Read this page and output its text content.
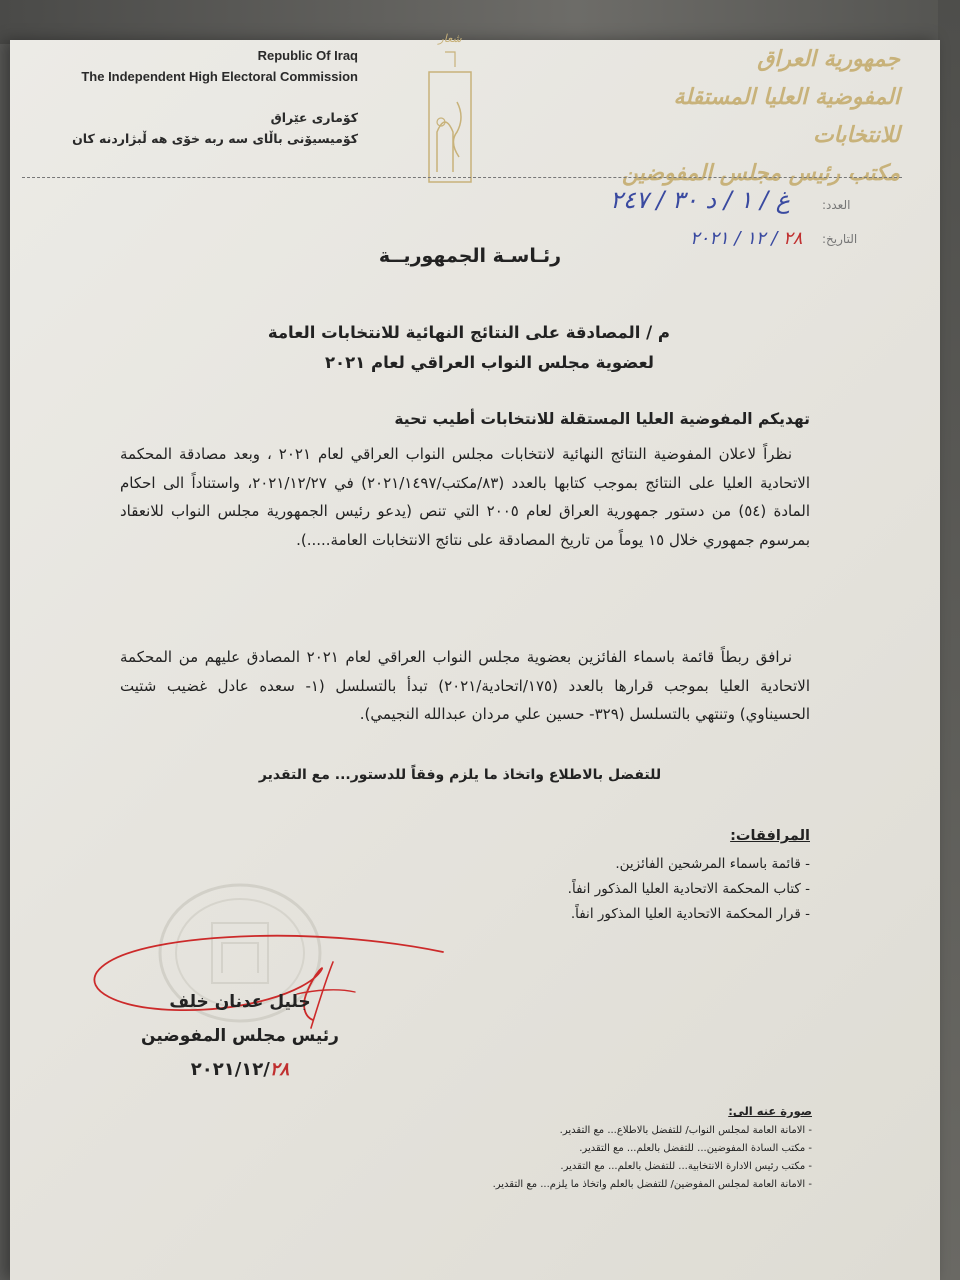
Republic Of Iraq
The Independent High Electoral Commission
كۆماری عێراق
كۆمیسیۆنی باڵای سه ربه خۆی هه ڵبژاردنه كان
شعار
جمهورية العراق
المفوضية العليا المستقلة للانتخابات
مكتب رئيس مجلس المفوضين
العدد:
التاريخ:
غ / ١ / د ٣٠ / ٢٤٧
٢٨ / ١٢ / ٢٠٢١
رئـاسـة الجمهوريــة
م / المصادقة على النتائج النهائية للانتخابات العامة
لعضوية مجلس النواب العراقي لعام ٢٠٢١
تهديكم المفوضية العليا المستقلة للانتخابات أطيب تحية
نظراً لاعلان المفوضية النتائج النهائية لانتخابات مجلس النواب العراقي لعام ٢٠٢١ ، وبعد مصادقة المحكمة الاتحادية العليا على النتائج بموجب كتابها بالعدد (٨٣/مكتب/٢٠٢١/١٤٩٧) في ٢٠٢١/١٢/٢٧، واستناداً الى احكام المادة (٥٤) من دستور جمهورية العراق لعام ٢٠٠٥ التي تنص (يدعو رئيس الجمهورية مجلس النواب للانعقاد بمرسوم جمهوري خلال ١٥ يوماً من تاريخ المصادقة على نتائج الانتخابات العامة.....).
نرافق ربطاً قائمة باسماء الفائزين بعضوية مجلس النواب العراقي لعام ٢٠٢١ المصادق عليهم من المحكمة الاتحادية العليا بموجب قرارها بالعدد (١٧٥/اتحادية/٢٠٢١) تبدأ بالتسلسل (١- سعده عادل غضيب شتيت الحسيناوي) وتنتهي بالتسلسل (٣٢٩- حسين علي مردان عبدالله النجيمي).
للتفضل بالاطلاع واتخاذ ما يلزم وفقاً للدستور... مع التقدير
المرافقات:
- قائمة باسماء المرشحين الفائزين.
- كتاب المحكمة الاتحادية العليا المذكور انفاً.
- قرار المحكمة الاتحادية العليا المذكور انفاً.
جليل عدنان خلف
رئيس مجلس المفوضين
٢٠٢١/١٢/٢٨
صورة عنه الى:
- الامانة العامة لمجلس النواب/ للتفضل بالاطلاع... مع التقدير.
- مكتب السادة المفوضين... للتفضل بالعلم... مع التقدير.
- مكتب رئيس الادارة الانتخابية... للتفضل بالعلم... مع التقدير.
- الامانة العامة لمجلس المفوضين/ للتفضل بالعلم واتخاذ ما يلزم... مع التقدير.
